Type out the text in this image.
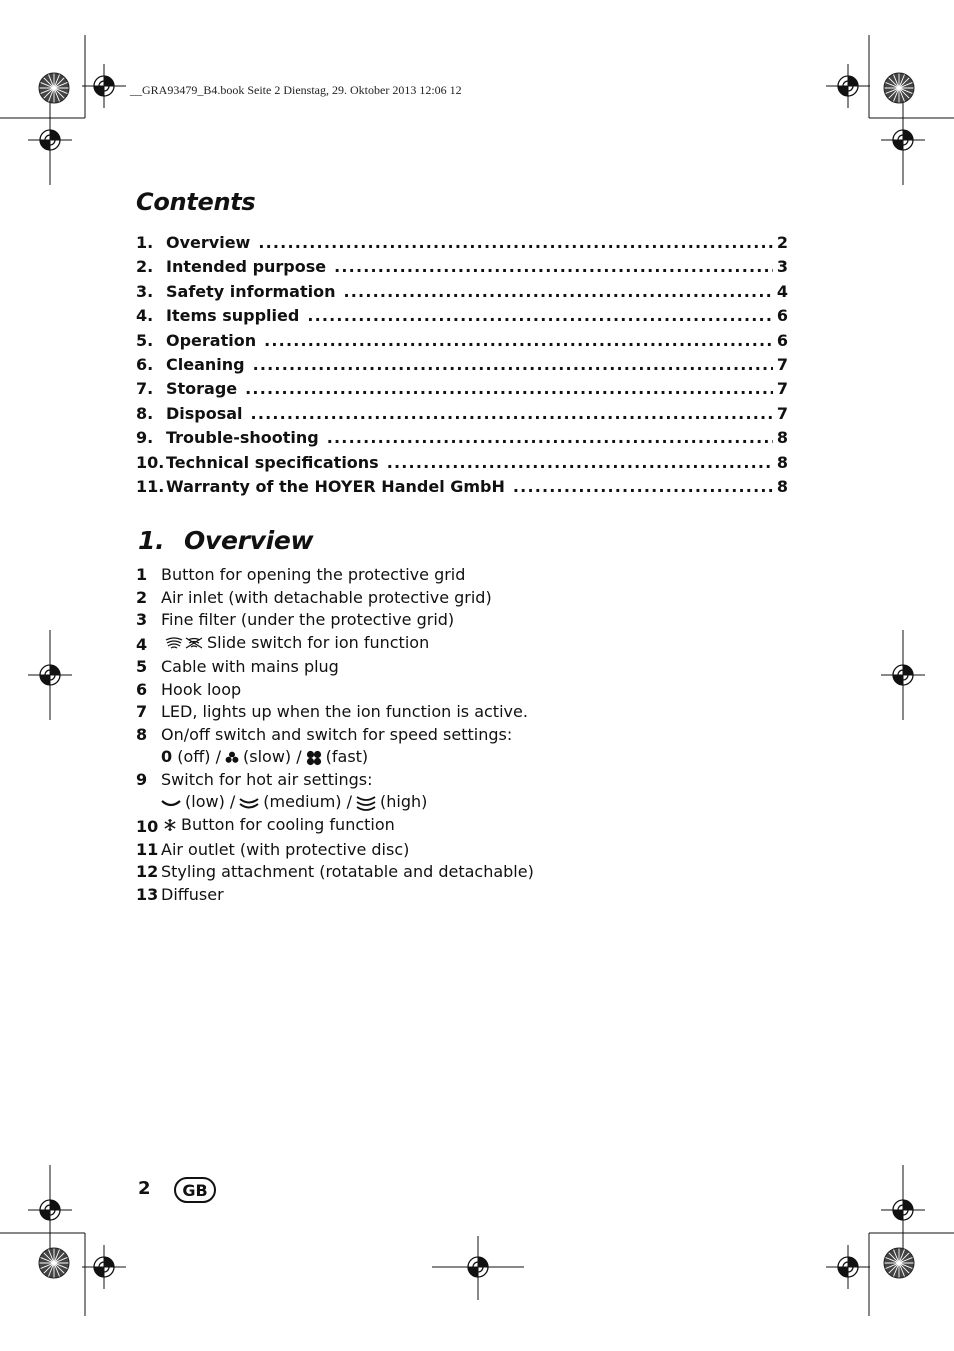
__GRA93479_B4.book Seite 2 Dienstag, 29. Oktober 2013 12:06 12
Contents
1. Overview .....	2
2. Intended purpose .....	3
3. Safety information .....	4
4. Items supplied .....	6
5. Operation .....	6
6. Cleaning .....	7
7. Storage .....	7
8. Disposal .....	7
9. Trouble-shooting .....	8
10. Technical specifications .....	8
11. Warranty of the HOYER Handel GmbH .....	8
1. Overview
1 Button for opening the protective grid
2 Air inlet (with detachable protective grid)
3 Fine filter (under the protective grid)
4	Slide switch for ion function
5 Cable with mains plug
6 Hook loop
7 LED, lights up when the ion function is active.
8 On/off switch and switch for speed settings:
0
(off) / (slow) / (fast)
9 Switch for hot air settings:
(low) / (medium) / (high)
10 Button for cooling function
11 Air outlet (with protective disc)
12 Styling attachment (rotatable and detachable)
13 Diffuser
2 GB
